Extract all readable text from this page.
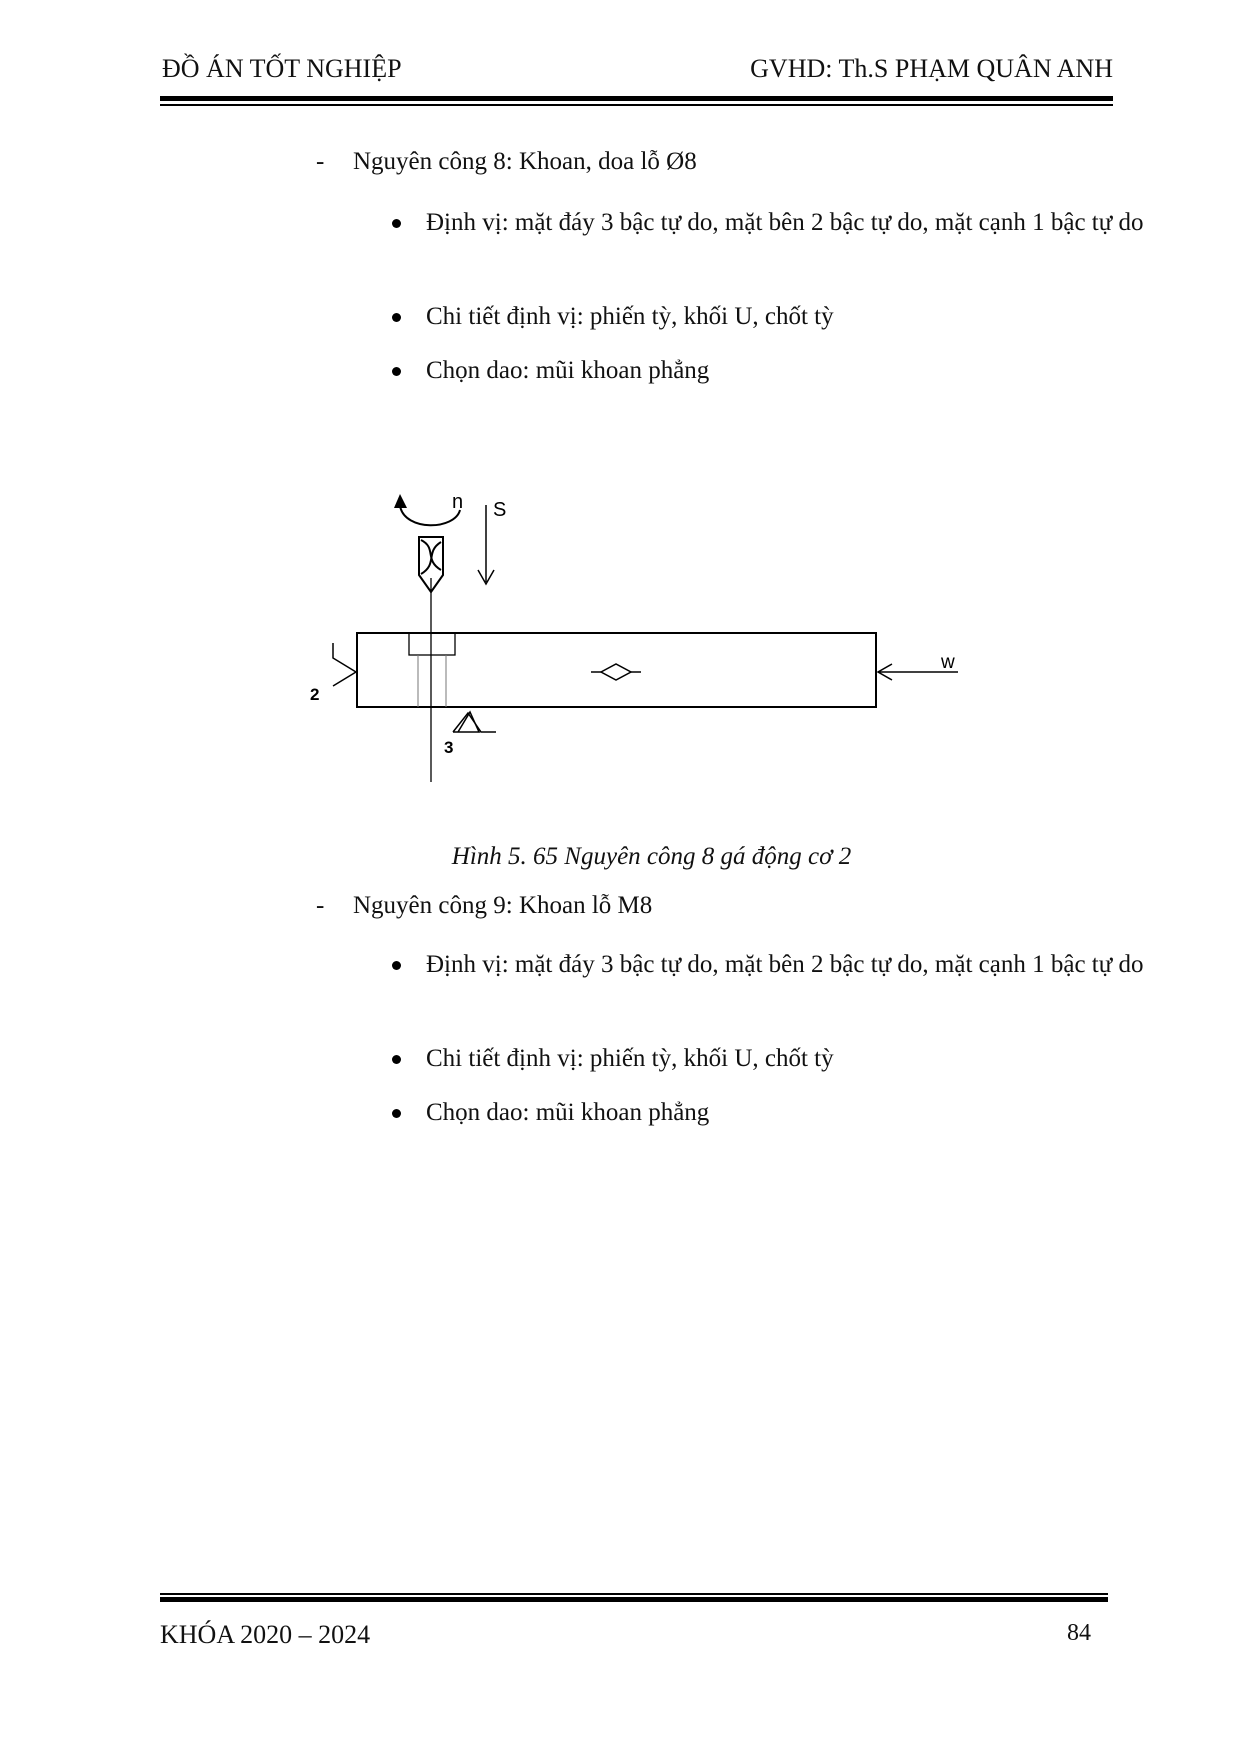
ĐỒ ÁN TỐT NGHIỆP	GVHD: Th.S PHẠM QUÂN ANH
- Nguyên công 8: Khoan, doa lỗ Ø8
Định vị: mặt đáy 3 bậc tự do, mặt bên 2 bậc tự do, mặt cạnh 1 bậc tự do
Chi tiết định vị: phiến tỳ, khối U, chốt tỳ
Chọn dao: mũi khoan phẳng
n S
w
2
3
Hình 5. 65 Nguyên công 8 gá động cơ 2
- Nguyên công 9: Khoan lỗ M8
Định vị: mặt đáy 3 bậc tự do, mặt bên 2 bậc tự do, mặt cạnh 1 bậc tự do
Chi tiết định vị: phiến tỳ, khối U, chốt tỳ
Chọn dao: mũi khoan phẳng
KHÓA 2020 – 2024	84
